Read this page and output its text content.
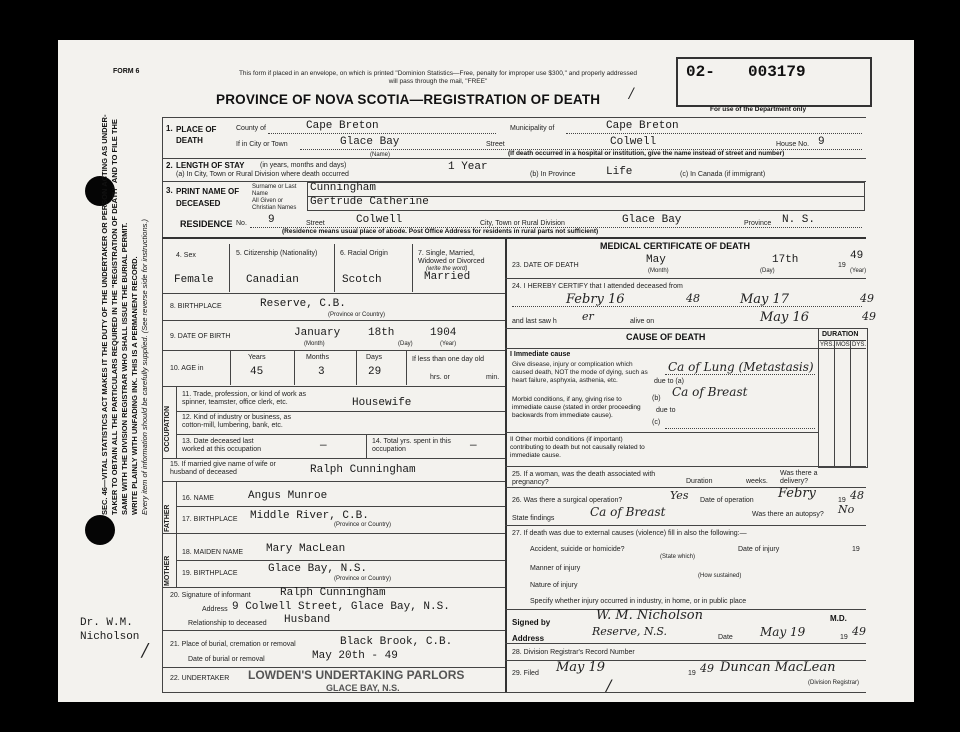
SEC. 46—VITAL STATISTICS ACT MAKES IT THE DUTY OF THE UNDERTAKER OR PERSON ACTING AS UNDER- TAKER TO OBTAIN ALL THE PARTICULARS REQUIRED IN THE "REGISTRATION OF DEATH" AND TO FILE THE SAME WITH THE DIVISION REGISTRAR WHO SHALL ISSUE THE BURIAL PERMIT. WRITE PLAINLY WITH UNFADING INK. THIS IS A PERMANENT RECORD. Every item of information should be carefully supplied. (See reverse side for instructions.)
FORM 6	This form if placed in an envelope, on which is printed "Dominion Statistics—Free, penalty for improper use $300," and properly addressed will pass through the mail, "FREE"
PROVINCE OF NOVA SCOTIA—REGISTRATION OF DEATH /
02- 003179
For use of the Department only
1. PLACE OF DEATH
County of	Cape Breton	Municipality of	Cape Breton
If in City or Town	Glace Bay
(Name)
Street	Colwell	House No. 9
(If death occurred in a hospital or institution, give the name instead of street and number)
2. LENGTH OF STAY (in years, months and days)
(a) In City, Town or Rural Division where death occurred
1 Year
(b) In Province	Life	(c) In Canada (if immigrant)
3. PRINT NAME OF DECEASED
Surname or Last Name	Cunningham
All Given or Christian Names	Gertrude Catherine
RESIDENCE No. 9	Street	Colwell	City, Town or Rural Division	Glace Bay	Province N. S.
(Residence means usual place of abode. Post Office Address for residents in rural parts not sufficient)
4. Sex
Female
5. Citizenship (Nationality)
Canadian
6. Racial Origin
Scotch
7. Single, Married, Widowed or Divorced
(write the word)
Married
8. BIRTHPLACE	Reserve, C.B.
(Province or Country)
9. DATE OF BIRTH	January	18th	1904
(Month)	(Day)	(Year)
10. AGE in
Years
45
Months
3
Days
29
If less than one day old
hrs. or	min.
OCCUPATION
11. Trade, profession, or kind of work as spinner, teamster, office clerk, etc.	Housewife
12. Kind of industry or business, as cotton-mill, lumbering, bank, etc.
13. Date deceased last worked at this occupation	—	14. Total yrs. spent in this occupation	—
15. If married give name of wife or husband of deceased	Ralph Cunningham
FATHER
MOTHER
16. NAME	Angus Munroe
17. BIRTHPLACE Middle River, C.B.
(Province or Country)
18. MAIDEN NAME Mary MacLean
19. BIRTHPLACE	Glace Bay, N.S.
(Province or Country)
20. Signature of informant	Ralph Cunningham
Address 9 Colwell Street, Glace Bay, N.S.
Relationship to deceased Husband
21. Place of burial, cremation or removal	Black Brook, C.B.
Date of burial or removal	May 20th - 49
22. UNDERTAKER LOWDEN'S UNDERTAKING PARLORS
GLACE BAY, N.S.
Dr. W.M.
Nicholson
/
MEDICAL CERTIFICATE OF DEATH
23. DATE OF DEATH	May	17th	19
49
(Month)	(Day)	(Year)
24. I HEREBY CERTIFY that I attended deceased from
Febry 16	48	May 17	49
and last saw h er	alive on	May 16	49
CAUSE OF DEATH	DURATION
YRS. MOS. DYS.
I Immediate cause
Give disease, injury or complication which caused death, NOT the mode of dying, such as heart failure, asphyxia, asthenia, etc.	due to (a)
Ca of Lung (Metastasis)
(b) Ca of Breast
due to
Morbid conditions, if any, giving rise to immediate cause (stated in order proceeding backwards from immediate cause).
(c)
II Other morbid conditions (if important) contributing to death but not causally related to immediate cause.
25. If a woman, was the death associated with pregnancy?	Duration	weeks.
Was there a delivery?
26. Was there a surgical operation?	Yes Date of operation Febry	19 48
State findings	Ca of Breast	Was there an autopsy? No
27. If death was due to external causes (violence) fill in also the following:—
Accident, suicide or homicide?
(State which)
Date of injury	19
Manner of injury
(How sustained)
Nature of injury
Specify whether injury occurred in industry, in home, or in public place
Signed by	W. M. Nicholson	M.D.
Address
Reserve, N.S.	Date May 19	19 49
28. Division Registrar's Record Number
29. Filed May 19	19 49 Duncan MacLean
(Division Registrar)
/
